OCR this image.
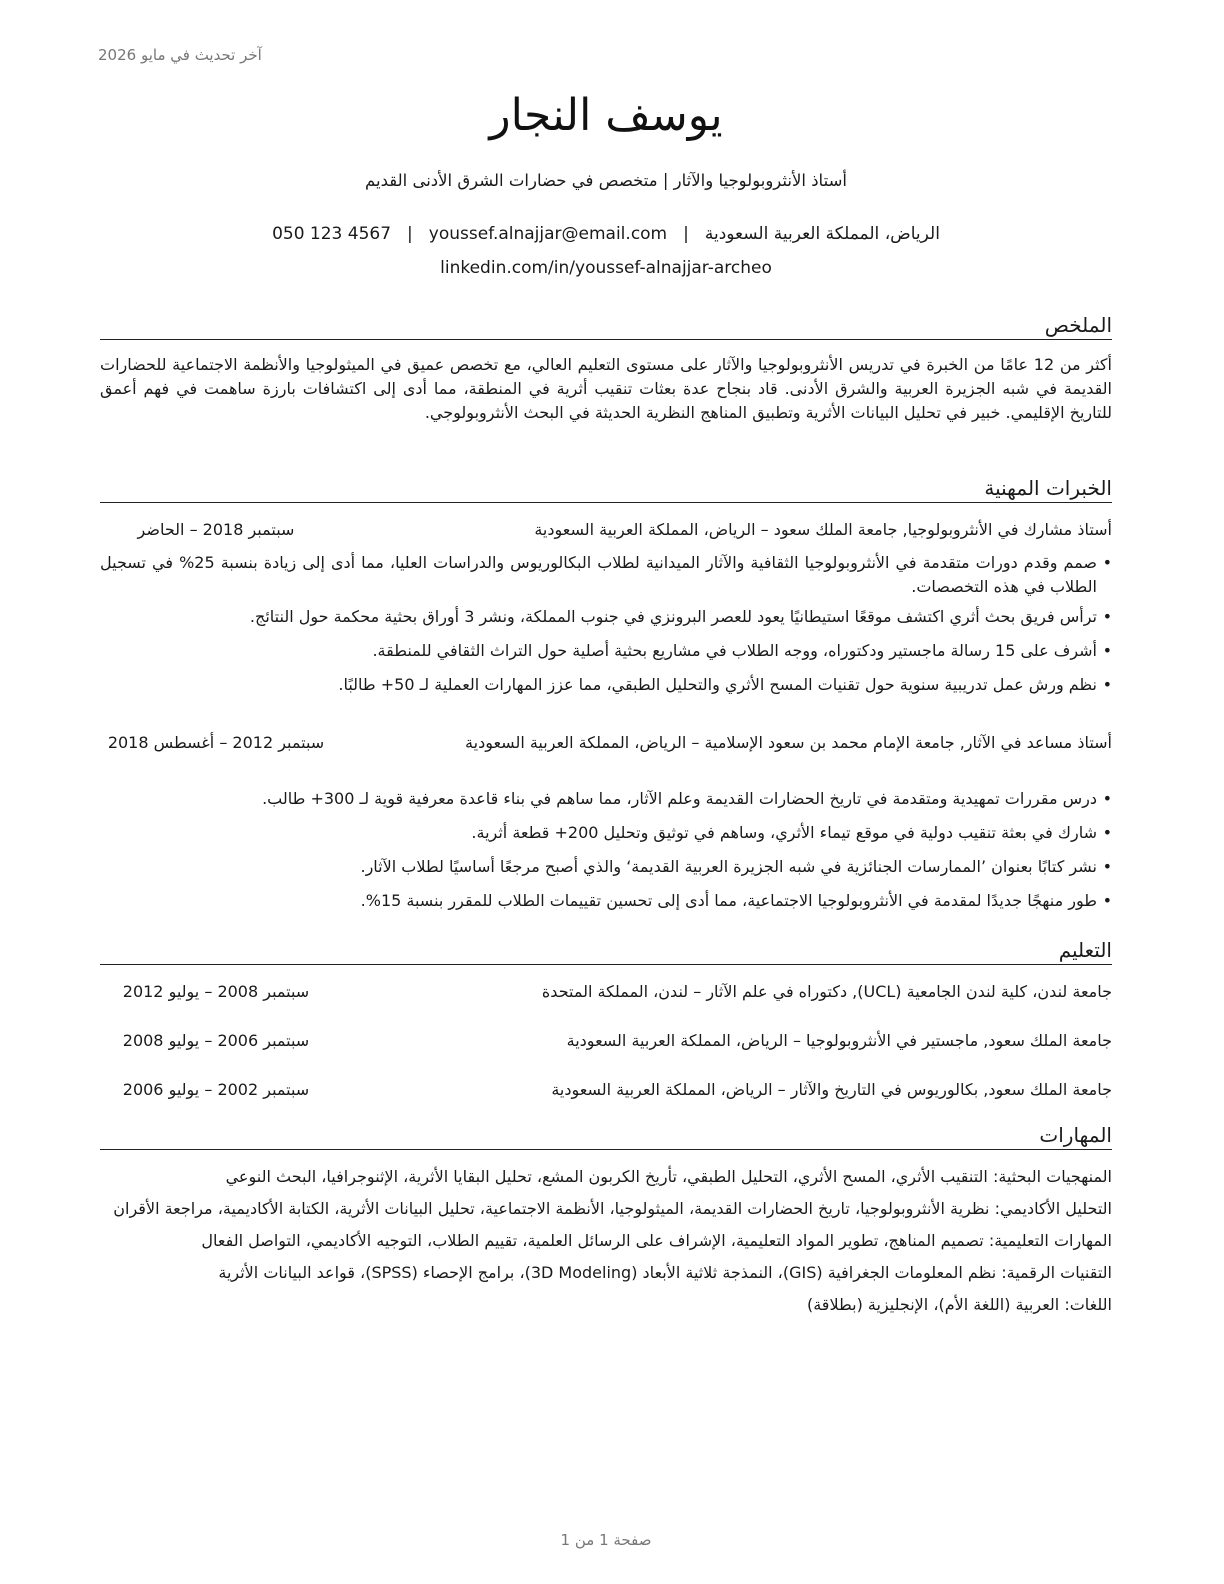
آخر تحديث في مايو 2026
يوسف النجار
أستاذ الأنثروبولوجيا والآثار | متخصص في حضارات الشرق الأدنى القديم
الرياض، المملكة العربية السعودية|youssef.alnajjar@email.com|050 123 4567
linkedin.com/in/youssef-alnajjar-archeo
الملخص
أكثر من 12 عامًا من الخبرة في تدريس الأنثروبولوجيا والآثار على مستوى التعليم العالي، مع تخصص عميق في الميثولوجيا والأنظمة الاجتماعية للحضارات القديمة في شبه الجزيرة العربية والشرق الأدنى. قاد بنجاح عدة بعثات تنقيب أثرية في المنطقة، مما أدى إلى اكتشافات بارزة ساهمت في فهم أعمق للتاريخ الإقليمي. خبير في تحليل البيانات الأثرية وتطبيق المناهج النظرية الحديثة في البحث الأنثروبولوجي.
الخبرات المهنية
أستاذ مشارك في الأنثروبولوجيا, جامعة الملك سعود – الرياض، المملكة العربية السعودية
سبتمبر 2018 – الحاضر
• صمم وقدم دورات متقدمة في الأنثروبولوجيا الثقافية والآثار الميدانية لطلاب البكالوريوس والدراسات العليا، مما أدى إلى زيادة بنسبة 25% في تسجيل الطلاب في هذه التخصصات.
• ترأس فريق بحث أثري اكتشف موقعًا استيطانيًا يعود للعصر البرونزي في جنوب المملكة، ونشر 3 أوراق بحثية محكمة حول النتائج.
• أشرف على 15 رسالة ماجستير ودكتوراه، ووجه الطلاب في مشاريع بحثية أصلية حول التراث الثقافي للمنطقة.
• نظم ورش عمل تدريبية سنوية حول تقنيات المسح الأثري والتحليل الطبقي، مما عزز المهارات العملية لـ 50+ طالبًا.
أستاذ مساعد في الآثار, جامعة الإمام محمد بن سعود الإسلامية – الرياض، المملكة العربية السعودية
سبتمبر 2012 – أغسطس 2018
• درس مقررات تمهيدية ومتقدمة في تاريخ الحضارات القديمة وعلم الآثار، مما ساهم في بناء قاعدة معرفية قوية لـ 300+ طالب.
• شارك في بعثة تنقيب دولية في موقع تيماء الأثري، وساهم في توثيق وتحليل 200+ قطعة أثرية.
• نشر كتابًا بعنوان ’الممارسات الجنائزية في شبه الجزيرة العربية القديمة‘ والذي أصبح مرجعًا أساسيًا لطلاب الآثار.
• طور منهجًا جديدًا لمقدمة في الأنثروبولوجيا الاجتماعية، مما أدى إلى تحسين تقييمات الطلاب للمقرر بنسبة 15%.
التعليم
جامعة لندن، كلية لندن الجامعية (UCL), دكتوراه في علم الآثار – لندن، المملكة المتحدة
سبتمبر 2008 – يوليو 2012
جامعة الملك سعود, ماجستير في الأنثروبولوجيا – الرياض، المملكة العربية السعودية
سبتمبر 2006 – يوليو 2008
جامعة الملك سعود, بكالوريوس في التاريخ والآثار – الرياض، المملكة العربية السعودية
سبتمبر 2002 – يوليو 2006
المهارات
المنهجيات البحثية: التنقيب الأثري، المسح الأثري، التحليل الطبقي، تأريخ الكربون المشع، تحليل البقايا الأثرية، الإثنوجرافيا، البحث النوعي
التحليل الأكاديمي: نظرية الأنثروبولوجيا، تاريخ الحضارات القديمة، الميثولوجيا، الأنظمة الاجتماعية، تحليل البيانات الأثرية، الكتابة الأكاديمية، مراجعة الأقران
المهارات التعليمية: تصميم المناهج، تطوير المواد التعليمية، الإشراف على الرسائل العلمية، تقييم الطلاب، التوجيه الأكاديمي، التواصل الفعال
التقنيات الرقمية: نظم المعلومات الجغرافية (GIS)، النمذجة ثلاثية الأبعاد (3D Modeling)، برامج الإحصاء (SPSS)، قواعد البيانات الأثرية
اللغات: العربية (اللغة الأم)، الإنجليزية (بطلاقة)
صفحة 1 من 1
